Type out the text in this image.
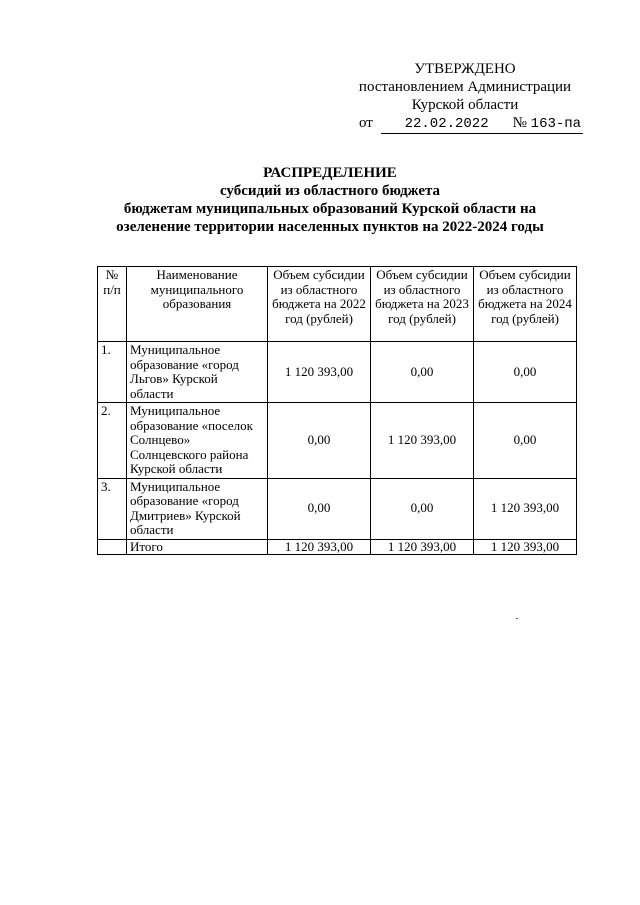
УТВЕРЖДЕНО
постановлением Администрации
Курской области
от 22.02.2022 № 163-па
РАСПРЕДЕЛЕНИЕ
субсидий из областного бюджета
бюджетам муниципальных образований Курской области на
озеленение территории населенных пунктов на 2022-2024 годы
№ п/п	Наименование муниципального образования	Объем субсидии из областного бюджета на 2022 год (рублей)	Объем субсидии из областного бюджета на 2023 год (рублей)	Объем субсидии из областного бюджета на 2024 год (рублей)
1.	Муниципальное образование «город Льгов» Курской области	1 120 393,00	0,00	0,00
2.	Муниципальное образование «поселок Солнцево» Солнцевского района Курской области	0,00	1 120 393,00	0,00
3.	Муниципальное образование «город Дмитриев» Курской области	0,00	0,00	1 120 393,00
	Итого	1 120 393,00	1 120 393,00	1 120 393,00
